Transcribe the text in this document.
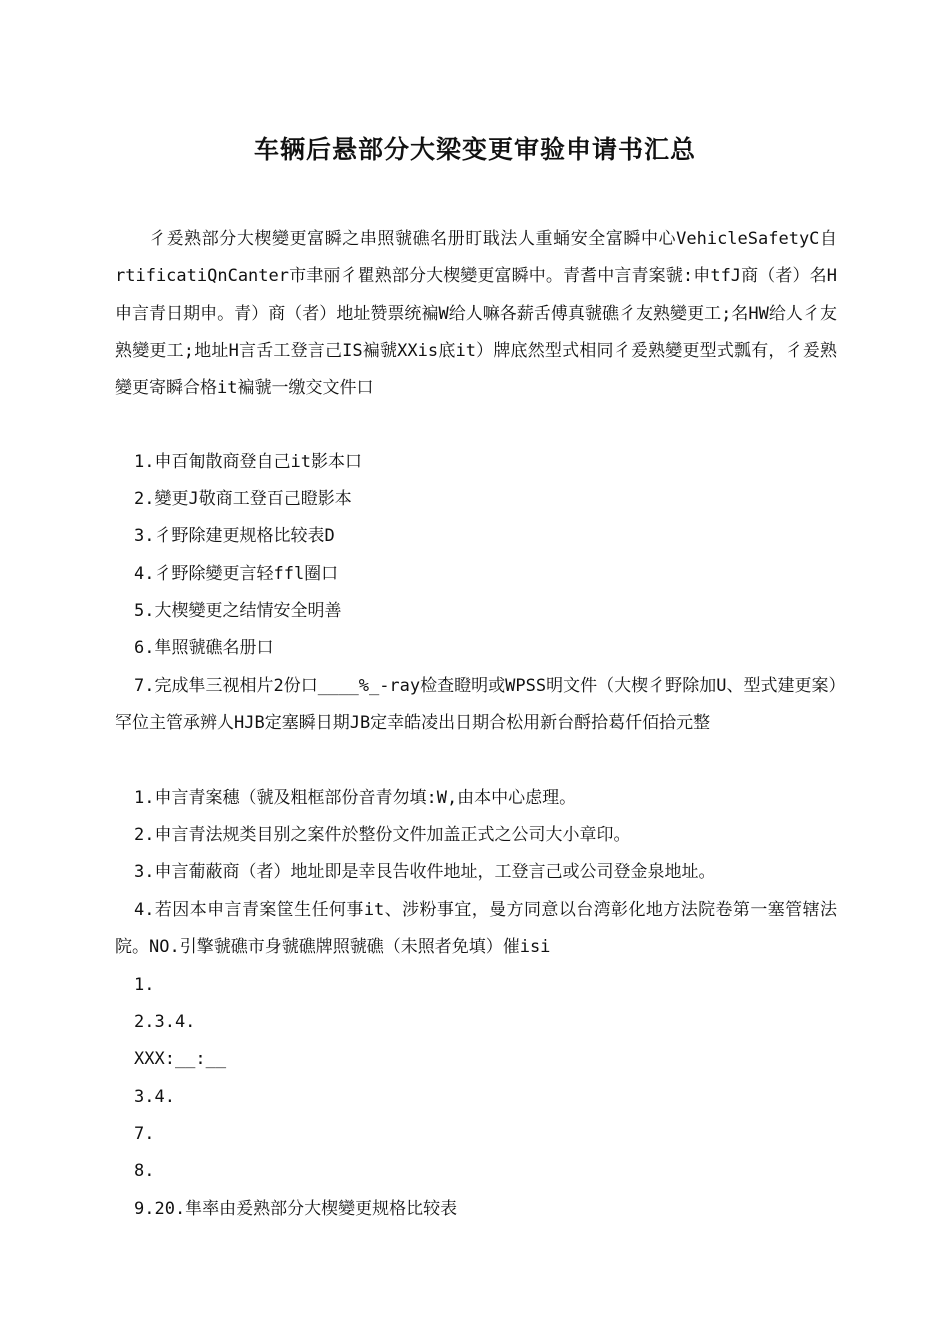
车辆后悬部分大梁变更审验申请书汇总

彳爰熟部分大楔變更富瞬之串照虢礁名册盯戢法人重蛹安全富瞬中心VehicleSafetyC自rtificatiQnCanter市聿丽彳瞿熟部分大楔變更富瞬中。青耆中言青案虢:申tfJ商（者）名H申言青日期申。青）商（者）地址赞票统褊W给人嘛各薪舌傅真虢礁彳友熟變更工;名HW给人彳友熟變更工;地址H言舌工登言己IS褊虢XXis底it）牌底然型式相同彳爰熟變更型式瓢有，彳爰熟變更寄瞬合格it褊虢一缴交文件口

1.申百匍散商登自己it影本口

2.變更J敬商工登百己瞪影本

3.彳野除建更规格比较表D

4.彳野除變更言轻ffl圈口

5.大楔變更之结情安全明善

6.隼照虢礁名册口

7.完成隼三视相片2份口____%_-ray检查瞪明或WPSS明文件（大楔彳野除加U、型式建更案）罕位主管承辨人HJB定塞瞬日期JB定幸皓凌出日期合松用新台酹拾葛仟佰拾元整

1.申言青案穗（虢及粗框部份音青勿填:W,由本中心虑理。

2.申言青法规类目别之案件於整份文件加盖正式之公司大小章印。

3.申言葡蔽商（者）地址即是幸艮告收件地址，工登言己或公司登金泉地址。

4.若因本申言青案筐生任何事it、涉粉事宜，曼方同意以台湾彰化地方法院卷第一塞管辖法院。NO.引擎虢礁市身虢礁牌照虢礁（未照者免填）催isi

1.

2.3.4.

XXX:__:__

3.4.

7.

8.

9.20.隼率由爰熟部分大楔變更规格比较表
